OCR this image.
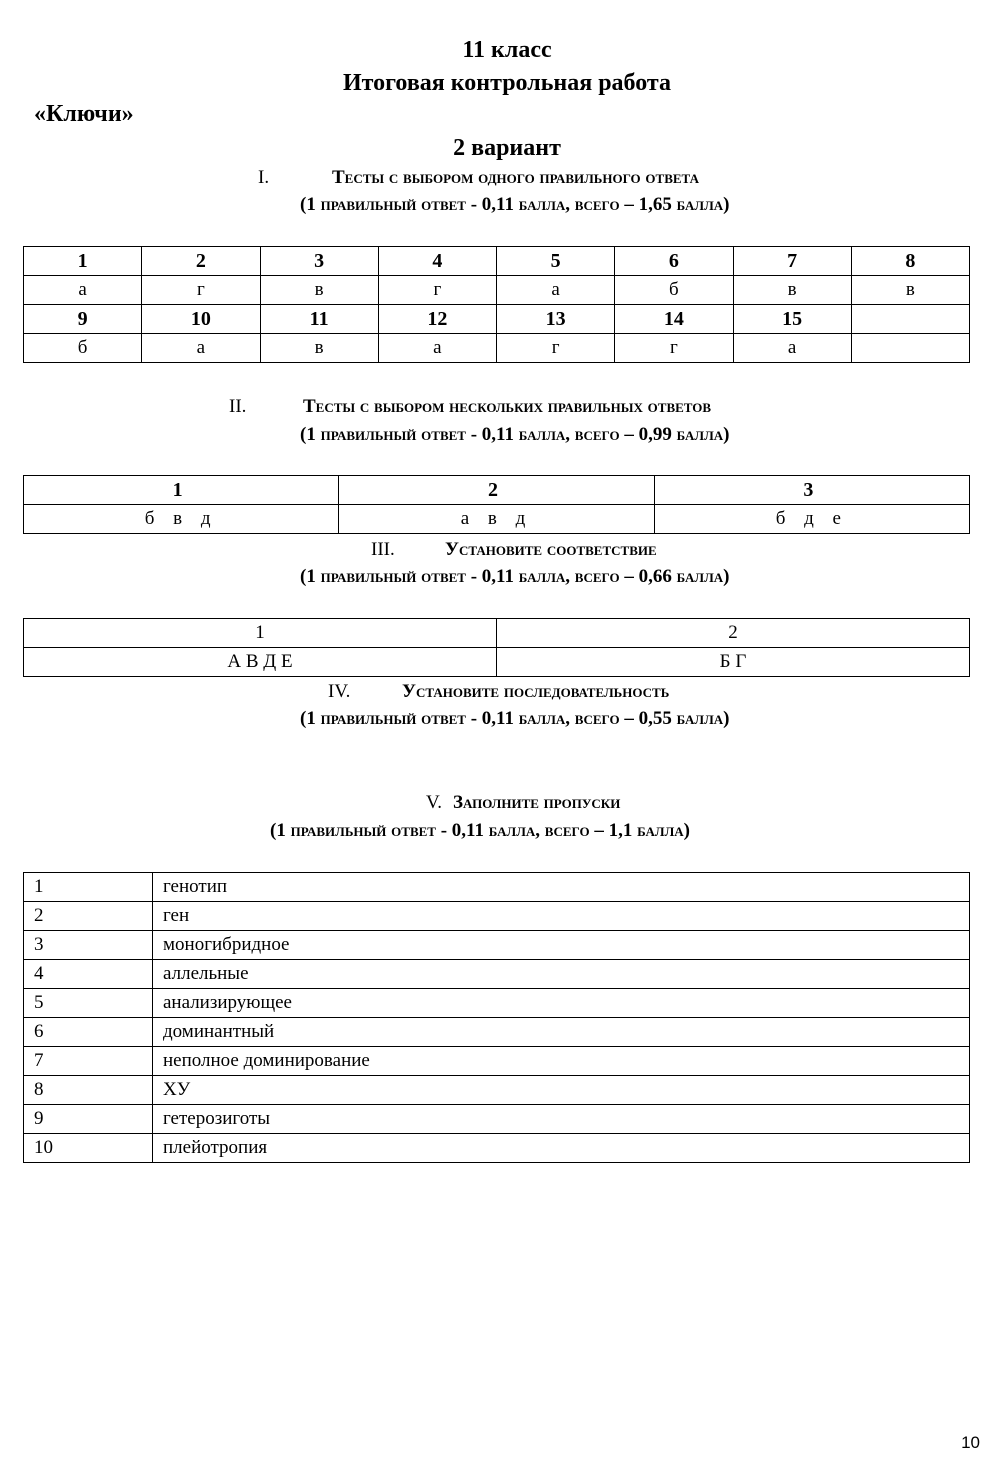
11 класс
Итоговая контрольная работа
«Ключи»
2 вариант
I.	Тесты с выбором одного правильного ответа
(1 правильный ответ - 0,11 балла, всего – 1,65 балла)
1	2	3	4	5	6	7	8
а	г	в	г	а	б	в	в
9	10	11	12	13	14	15	
б	а	в	а	г	г	а	
II.	Тесты с выбором нескольких правильных ответов
(1 правильный ответ - 0,11 балла, всего – 0,99 балла)
1	2	3
б в д	а в д	б д е
III.	Установите соответствие
(1 правильный ответ - 0,11 балла, всего – 0,66 балла)
1	2
А В Д Е	Б Г
IV.	Установите последовательность
(1 правильный ответ - 0,11 балла, всего – 0,55 балла)
V. Заполните пропуски
(1 правильный ответ - 0,11 балла, всего – 1,1 балла)
1	генотип
2	ген
3	моногибридное
4	аллельные
5	анализирующее
6	доминантный
7	неполное доминирование
8	ХУ
9	гетерозиготы
10	плейотропия
10
